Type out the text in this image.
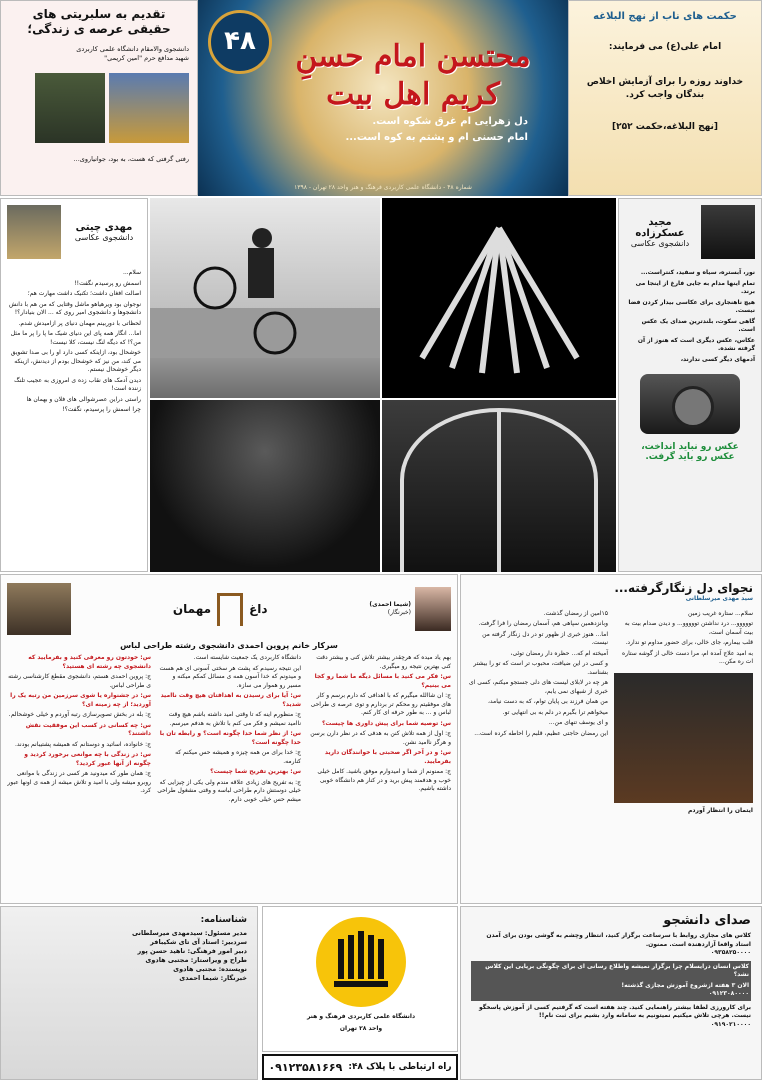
تقدیم به سلبریتی های
حقیقی عرصه ی زندگی؛
دانشجوی والامقام دانشگاه علمی کاربردی
شهید مدافع حرم "امین کریمی"
رفتی گرفتی که هست، به بود، جوانیاروی...
۴۸	محتسن امام حسنِ کریم اهل بیت
دل زهرایی ام غرق شکوه است.
امام حسنی ام و پشتم به کوه است...
شماره ۴۸ - دانشگاه علمی کاربردی فرهنگ و هنر واحد ۲۸ تهران - ۱۳۹۸
حکمت های ناب از نهج البلاغه
امام علی(ع) می فرمایند:
خداوند روزه را برای آزمایش اخلاص بندگان واجب کرد.
[نهج البلاغه،حکمت ۲۵۲]
مهدی چیتی
دانشجوی عکاسی

سلام...

اسمش رو پرسیدم نگفت!!

اصالت افغان داشت؛ تکنیک داشت مهارت هم؛

نوجوان بود ویرهیاهو ماشل وقتایی که من هم با دانش دانشجوها و دانشجوی امیر روی که ... الان بنیادار؟!

لحظاتی با دوربینم مهمان دنیای پر ازامیدش شدم.

اما... انگار همه پای این دنیای شیک ما پا را پر ما مثل من؟! که دیگه لنگ نیست، کلا نیست!

خوشحال بود، ازاینکه کسی دارد او را بی صدا تشویق می کند، من نیز که خوشحال بودم از دیدنش، ازینکه دیگر خوشحال نیستم.

دیدن آدمک های نقاب زده ی امروزی به عجیب تلنگ زننده است!

راستی دراین عصرشوالی های فلان و بهمان ها

چرا اسمش را پرسیدم، نگفت؟!

مجید عسکرزاده
دانشجوی عکاسی

نور، آبستره، سیاه و سفید، کنتراست...

تمام اینها مدام به جایی فارغ از اینجا می برند.

هیچ ناهنجاری برای عکاسی بیدار کردن فضا نیست.

گاهی سکوت، بلندترین صدای یک عکس است.

عکاس، عکس دیگری است که هنوز از آن گرفته نشده.

آدمهای دیگر کسی ندارند،

عکس رو نباید انداخت،
عکس رو باید گرفت.
مهمان	داغ	(شیما احمدی)
(خبرنگار)
سرکار خانم پروین احمدی دانشجوی رشته طراحی لباس

س: خودتون رو معرفی کنید و بفرمایید که دانشجوی چه رشته ای هستید؟

ج: پروین احمدی هستم، دانشجوی مقطع کارشناسی رشته ی طراحی لباس.

س: در جشنواره یا شوی سرزمین من رتبه یک را آوردید؛ از چه زمینه ای؟

ج: بله در بخش تصویرسازی رتبه آوردم و خیلی خوشحالم.

س: چه کسانی در کسب این موفقیت نقش داشتند؟

ج: خانواده، اساتید و دوستانم که همیشه پشتیبانم بودند.

س: در زندگی با چه موانعی برخورد کردید و چگونه از آنها عبور کردید؟

ج: همان طور که میدونید هر کسی در زندگی با موانعی روبرو میشه ولی با امید و تلاش میشه از همه ی اونها عبور کرد.

دانشگاه کاربردی یک جمعیت شایسته است.

این نتیجه رسیدم که پشت هر سختی آسونی ای هم هست و میدونم که خدا آسون همه ی مسائل کمکم میکنه و مسیر رو هموار می سازه.

س: آیا برای رسیدن به اهدافتان هیچ وقت ناامید شدید؟

ج: منظورم اینه که تا وقتی امید داشته باشم هیچ وقت ناامید نمیشم و فکر می کنم با تلاش به هدفم میرسم.

س: از نظر شما خدا چگونه است؟ و رابطه تان با خدا چگونه است؟

ج: خدا برای من همه چیزه و همیشه حس میکنم که کنارمه.

س: بهترین تفریح شما چیست؟

ج: به تفریح های زیادی علاقه مندم ولی یکی از چیزایی که خیلی دوستش دارم طراحی لباسه و وقتی مشغول طراحی میشم حس خیلی خوبی دارم.

بهم یاد میده که هرچقدر بیشتر تلاش کنی و بیشتر دقت کنی بهترین نتیجه رو میگیری.

س: فکر می کنید با مسائل دیگه ما شما رو کجا می بینیم؟

ج: ان شاالله میگیرم که با اهدافی که دارم برسم و کار های موفقیتم رو محکم تر بردارم و توی عرصه ی طراحی لباس و ... به طور حرفه ای کار کنم.

س: توصیه شما برای پیش داوری ها چیست؟

ج: اول از همه تلاش کنن به هدفی که در نظر دارن برسن و هرگز ناامید نشن.

س: و در آخر اگر صحبتی با خوانندگان دارید بفرمایید.

ج: ممنونم از شما و امیدوارم موفق باشید. کامل خیلی خوب و هدفمند پیش برید و در کنار هم دانشگاه خوبی داشته باشیم.

نجوای دل زنگارگرفته...
سید مهدی میرسلطانی

۱۵امین از رمضان گذشت.

وبانزدهمین سپاهی هم، آسمان رمضان را فرا گرفت.

اما... هنوز خبری از ظهور تو در دل زنگار گرفته من نیست.

آمیخته ام که... حظره دار رمضان توئی،

و کسی در این ضیافت، محبوب تر است که تو را بیشتر بشناسد.

هر چه در لابلای لیست های دلی جستجو میکنم، کسی ای خبری از شبهای نمی یابم،

من همان فرزند بی پایان توام، که به دست نیامد،

میخواهم ترا بگیرم در دلم به بی انتهایی تو.

و ای یوسف تنهای من...

این رمضان حاجتی عظیم، قلبم را احاطه کرده است...

سلام... ستاره غریب زمین

تووووو... درد نداشتن تووووو... و دیدن صدام بیت به بیت آسمان است،

قلب بیمارم، جای خالی، برای حضور مداوم تو ندارد.

به امید علاج آمده ام، مرا دست خالی از گوشه ستاره ات ره مکن...

ایتمان را انتظار آوردم
شناسنامه:
مدیر مسئول: سیدمهدی میرسلطانی
سردبیر: استاد آی تای شکیبافر
دبیر امور فرهنگی: ناهید حسن پور
طراح و ویراستار: مجتبی هادوی
نویسنده: مجتبی هادوی
خبرنگار: شیما احمدی
دانشگاه علمی کاربردی فرهنگ و هنر
واحد ۲۸ تهران
راه ارتباطی با پلاک ۴۸:
۰۹۱۲۳۵۸۱۶۶۹
صدای دانشجو
کلاس های مجازی روابط با سرساعت برگزار کنید، انتظار وچشم به گوشی بودن برای آمدن استاد واقعا آزاردهنده است. ممنون.
۰۹۳۵۸۲۵۰۰۰۰
کلاس انسان درایسلام چرا برگزار نمیشه واطلاع رسانی ای برای چگونگی برپایی این کلاس نشد؟
الان ۳ هفته ازشروع آموزش مجازی گذشته!
۰۹۱۲۳۰۸۰۰۰۰
برای کارورزی لطفا بیشتر راهنمایی کنید. چند هفته است که گرفتیم کسی از آموزش پاسخگو نیست. هرچی تلاش میکنیم نمیتونیم به سامانه وارد بشیم برای ثبت نام!!
۰۹۱۹۰۲۱۰۰۰۰
